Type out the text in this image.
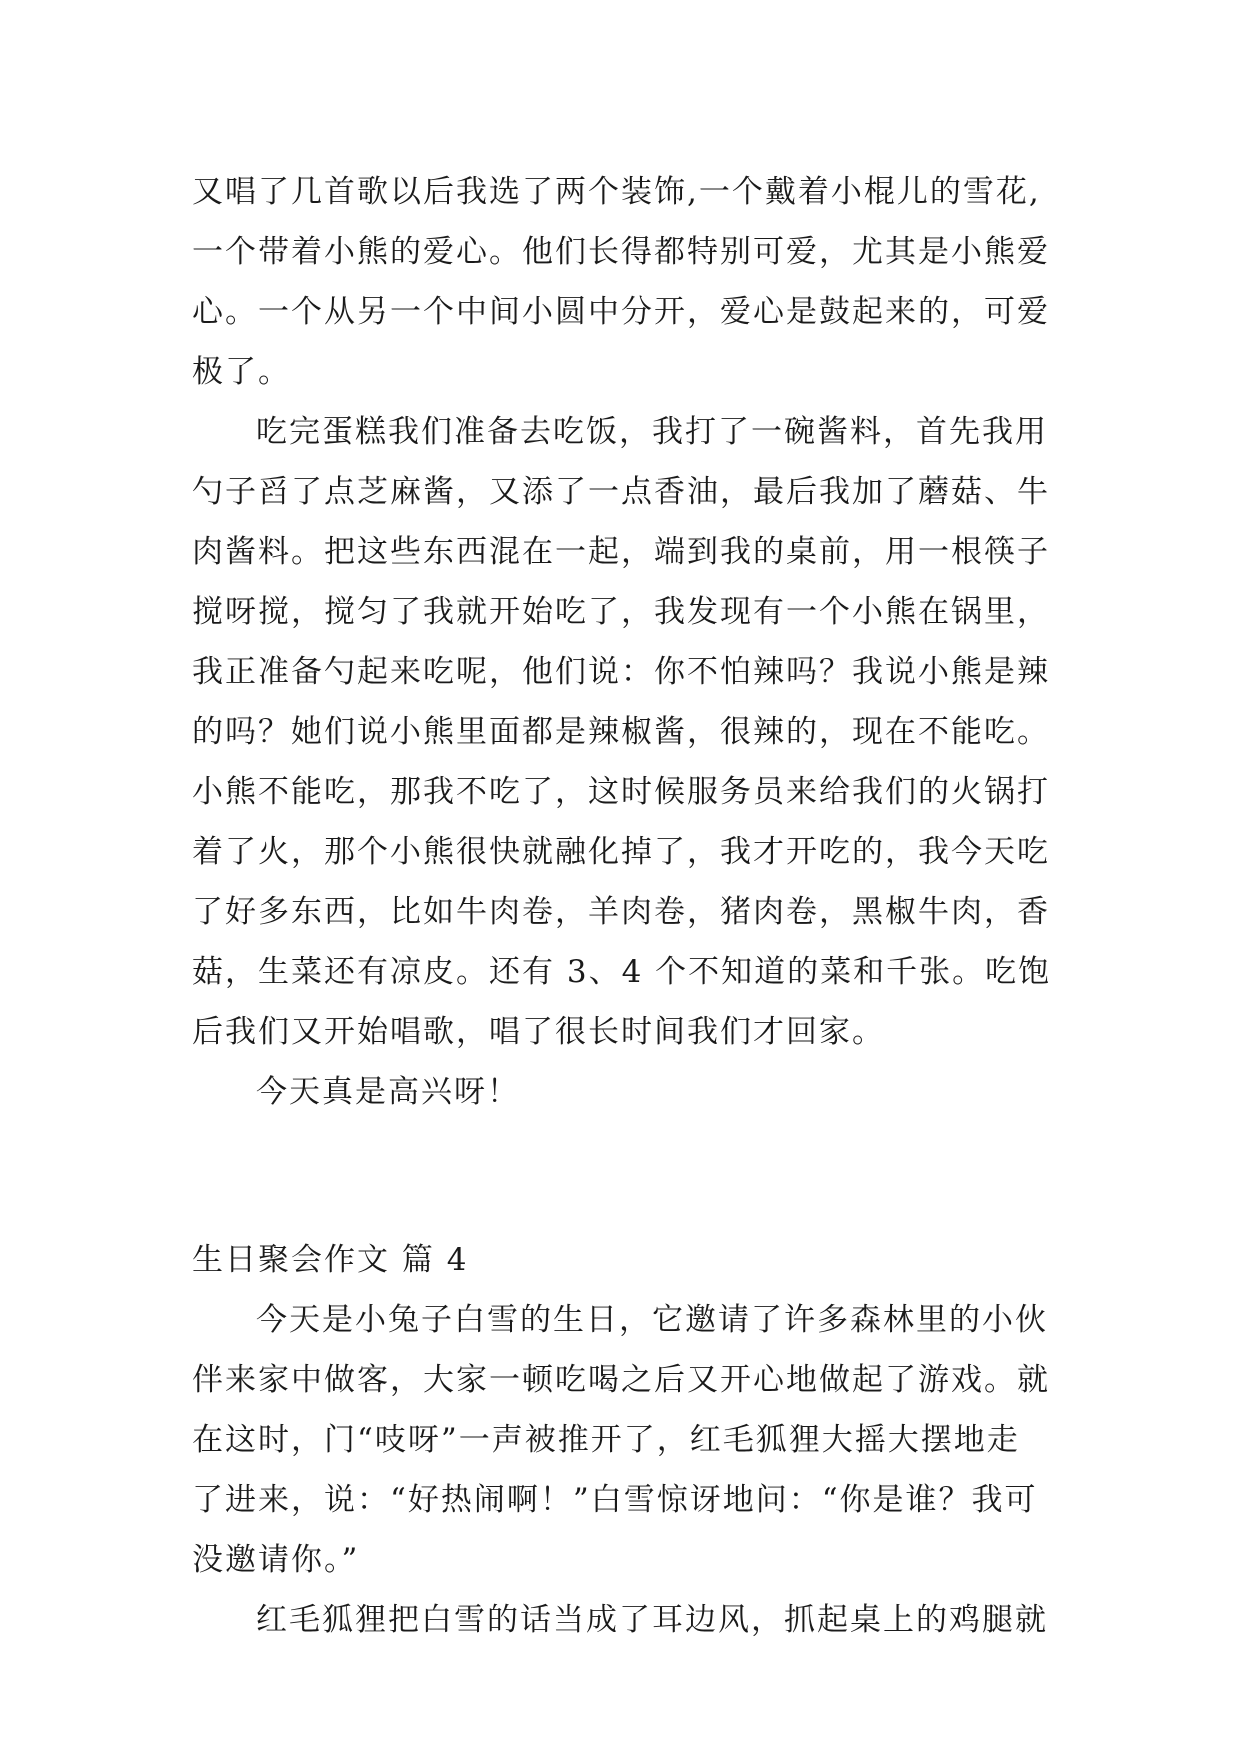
又唱了几首歌以后我选了两个装饰,一个戴着小棍儿的雪花,
一个带着小熊的爱心。他们长得都特别可爱，尤其是小熊爱
心。一个从另一个中间小圆中分开，爱心是鼓起来的，可爱
极了。
吃完蛋糕我们准备去吃饭，我打了一碗酱料，首先我用
勺子舀了点芝麻酱，又添了一点香油，最后我加了蘑菇、牛
肉酱料。把这些东西混在一起，端到我的桌前，用一根筷子
搅呀搅，搅匀了我就开始吃了，我发现有一个小熊在锅里，
我正准备勺起来吃呢，他们说：你不怕辣吗？我说小熊是辣
的吗？她们说小熊里面都是辣椒酱，很辣的，现在不能吃。
小熊不能吃，那我不吃了，这时候服务员来给我们的火锅打
着了火，那个小熊很快就融化掉了，我才开吃的，我今天吃
了好多东西，比如牛肉卷，羊肉卷，猪肉卷，黑椒牛肉，香
菇，生菜还有凉皮。还有 3、4 个不知道的菜和千张。吃饱
后我们又开始唱歌，唱了很长时间我们才回家。
今天真是高兴呀！
生日聚会作文 篇 4
今天是小兔子白雪的生日，它邀请了许多森林里的小伙
伴来家中做客，大家一顿吃喝之后又开心地做起了游戏。就
在这时，门“吱呀”一声被推开了，红毛狐狸大摇大摆地走
了进来，说：“好热闹啊！”白雪惊讶地问：“你是谁？我可
没邀请你。”
红毛狐狸把白雪的话当成了耳边风，抓起桌上的鸡腿就
